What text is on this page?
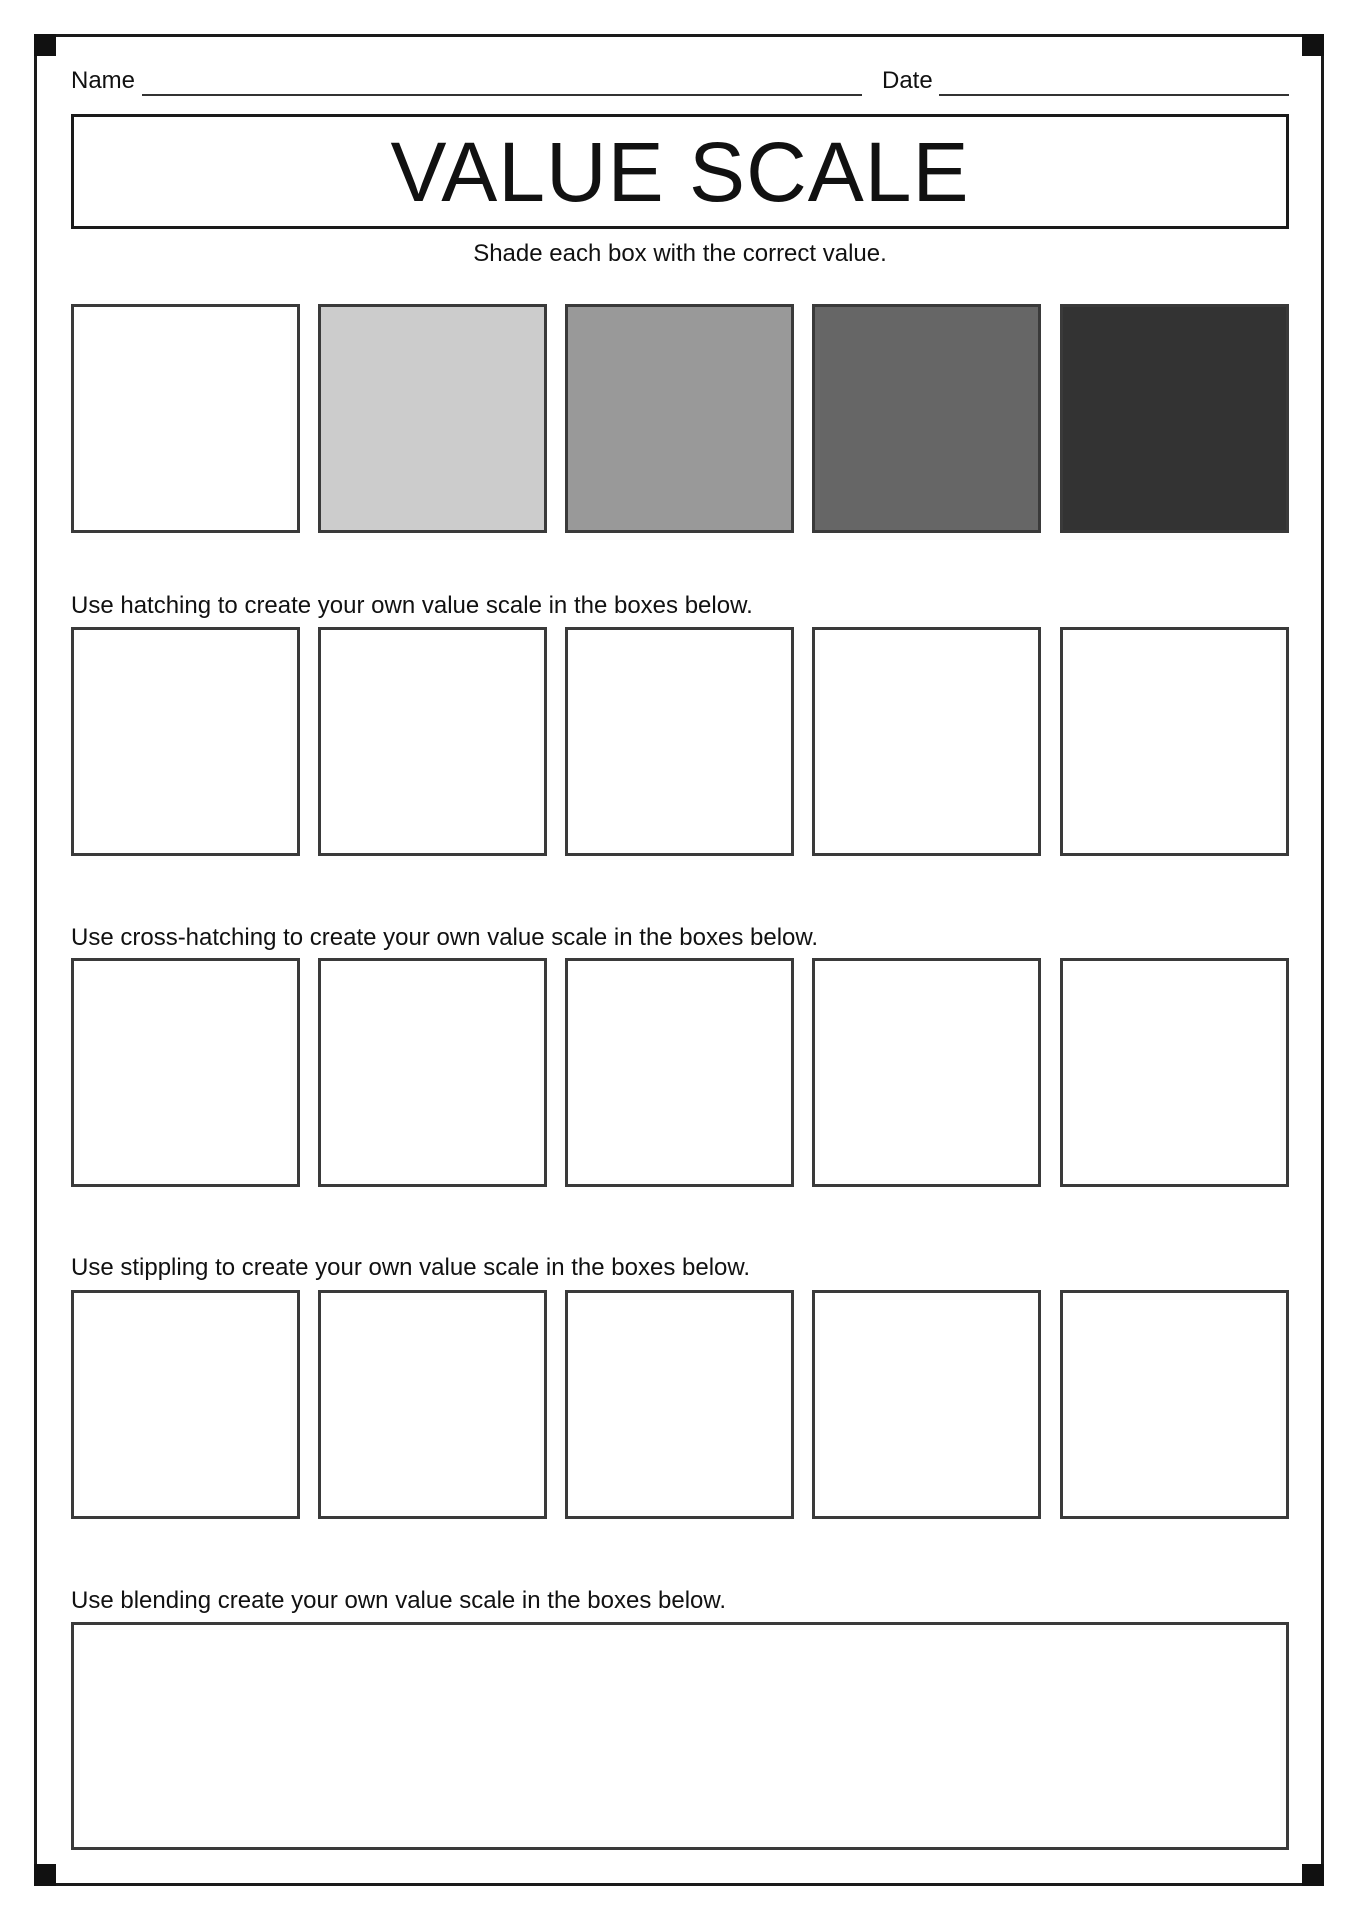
Name	Date
VALUE SCALE
Shade each box with the correct value.
Use hatching to create your own value scale in the boxes below.
Use cross-hatching to create your own value scale in the boxes below.
Use stippling to create your own value scale in the boxes below.
Use blending create your own value scale in the boxes below.
